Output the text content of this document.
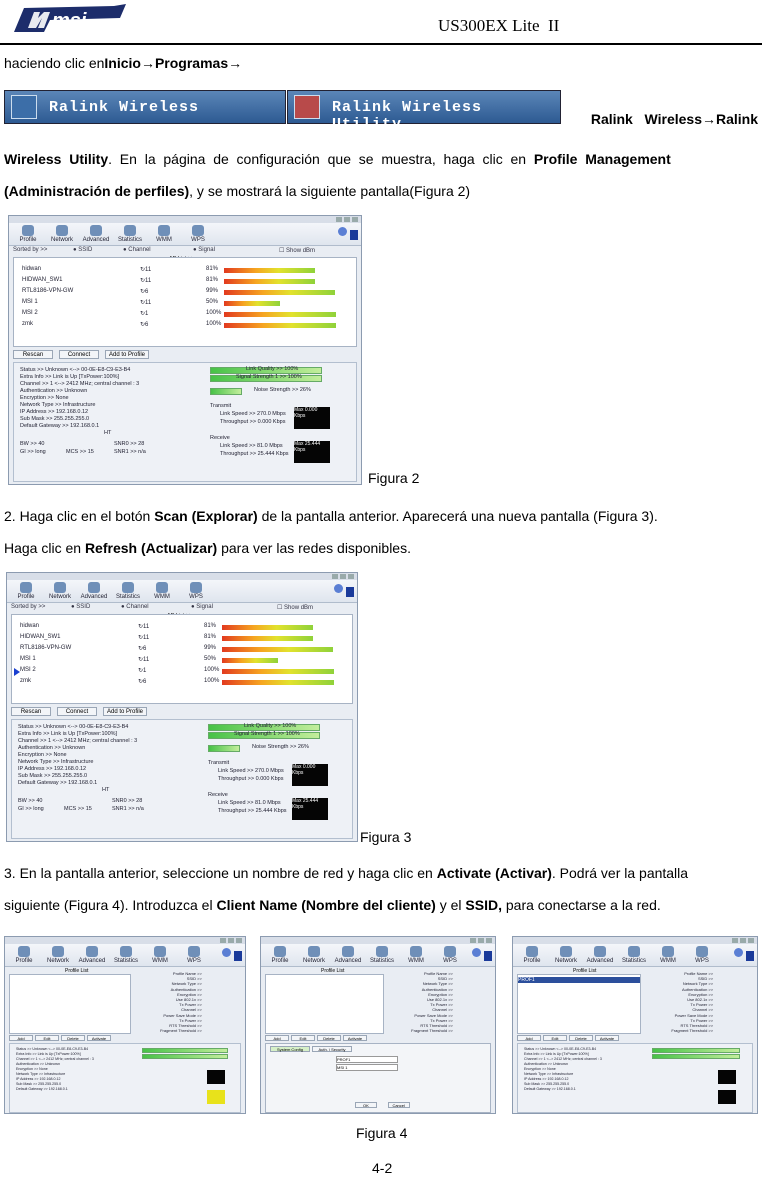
msi	US300EX Lite  II
haciendo clic enInicio→Programas→
Ralink Wireless	Ralink Wireless Utility	Ralink   Wireless→Ralink
Wireless  Utility.  En  la  página  de  configuración  que  se  muestra,  haga  clic  en Profile  Management
(Administración de perfiles), y se mostrará la siguiente pantalla(Figura 2)
Profile	Network	Advanced	Statistics	WMM	WPS
Sorted by >>	● SSID	● Channel	● Signal	☐ Show dBm
hidwan	↻11	81%
HIDWAN_SW1	↻11	81%
RTL8186-VPN-GW	↻6	99%
MSI 1	↻11	50%
MSI 2	↻1	100%
zmk	↻6	100%
Rescan	Connect	Add to Profile
Status >> Unknown <--> 00-0E-E8-C9-E3-B4
Extra Info >> Link is Up [TxPower:100%]
Channel >> 1 <--> 2412 MHz; central channel : 3
Authentication >> Unknown
Encryption >> None
Network Type >> Infrastructure
IP Address >> 192.168.0.12
Sub Mask >> 255.255.255.0
Default Gateway >> 192.168.0.1
HT
BW >> 40
GI >> long	MCS >> 15
SNR0 >> 28
SNR1 >> n/a
Link Quality >> 100%
Signal Strength 1 >> 100%
Noise Strength >> 26%
Transmit
Link Speed >> 270.0 Mbps
Throughput >> 0.000 Kbps
Max 0.000 Kbps
Receive
Link Speed >> 81.0 Mbps
Throughput >> 25.444 Kbps
Max 25.444 Kbps
Figura 2
2. Haga clic en el botón Scan (Explorar) de la pantalla anterior. Aparecerá una nueva pantalla (Figura 3).
Haga clic en Refresh (Actualizar) para ver las redes disponibles.
Profile	Network	Advanced	Statistics	WMM	WPS
Sorted by >>	● SSID	● Channel	● Signal	☐ Show dBm
hidwan	↻11	81%
HIDWAN_SW1	↻11	81%
RTL8186-VPN-GW	↻6	99%
MSI 1	↻11	50%
MSI 2	↻1	100%
zmk	↻6	100%
Rescan	Connect	Add to Profile
Status >> Unknown <--> 00-0E-E8-C9-E3-B4
Extra Info >> Link is Up [TxPower:100%]
Channel >> 1 <--> 2412 MHz; central channel : 3
Authentication >> Unknown
Encryption >> None
Network Type >> Infrastructure
IP Address >> 192.168.0.12
Sub Mask >> 255.255.255.0
Default Gateway >> 192.168.0.1
HT
BW >> 40
GI >> long	MCS >> 15
SNR0 >> 28
SNR1 >> n/a
Link Quality >> 100%
Signal Strength 1 >> 100%
Noise Strength >> 26%
Transmit
Link Speed >> 270.0 Mbps
Throughput >> 0.000 Kbps
Max 0.000 Kbps
Receive
Link Speed >> 81.0 Mbps
Throughput >> 25.444 Kbps
Max 25.444 Kbps
Figura 3
3. En la pantalla anterior, seleccione un nombre de red y haga clic en Activate (Activar). Podrá ver la pantalla
siguiente (Figura 4). Introduzca el Client Name (Nombre del cliente) y el SSID, para conectarse a la red.
Profile	Network	Advanced	Statistics	WMM	WPS
Profile List	Profile Name >>
SSID >>
Network Type >>
Authentication >>
Encryption >>
Use 802.1x >>
Tx Power >>
Channel >>
Power Save Mode >>
Tx Power >>
RTS Threshold >>
Fragment Threshold >>
Add	Edit	Delete	Activate
Status >> Unknown <--> 00-0E-E8-C9-E3-B4
Extra Info >> Link is Up [TxPower:100%]
Channel >> 1 <--> 2412 MHz; central channel : 3
Authentication >> Unknown
Encryption >> None
Network Type >> Infrastructure
IP Address >> 192.168.0.12
Sub Mask >> 255.255.255.0
Default Gateway >> 192.168.0.1
Profile	Network	Advanced	Statistics	WMM	WPS
Profile List	Profile Name >>
SSID >>
Network Type >>
Authentication >>
Encryption >>
Use 802.1x >>
Tx Power >>
Channel >>
Power Save Mode >>
Tx Power >>
RTS Threshold >>
Fragment Threshold >>
Add	Edit	Delete	Activate
System Config	Auth. \ Security
PROF1
MSI 1
OK	Cancel
Profile	Network	Advanced	Statistics	WMM	WPS
Profile List
PROF1
Profile Name >>
SSID >>
Network Type >>
Authentication >>
Encryption >>
Use 802.1x >>
Tx Power >>
Channel >>
Power Save Mode >>
Tx Power >>
RTS Threshold >>
Fragment Threshold >>
Add	Edit	Delete	Activate
Status >> Unknown <--> 00-0E-E8-C9-E3-B4
Extra Info >> Link is Up [TxPower:100%]
Channel >> 1 <--> 2412 MHz; central channel : 3
Authentication >> Unknown
Encryption >> None
Network Type >> Infrastructure
IP Address >> 192.168.0.12
Sub Mask >> 255.255.255.0
Default Gateway >> 192.168.0.1
Figura 4
4-2
